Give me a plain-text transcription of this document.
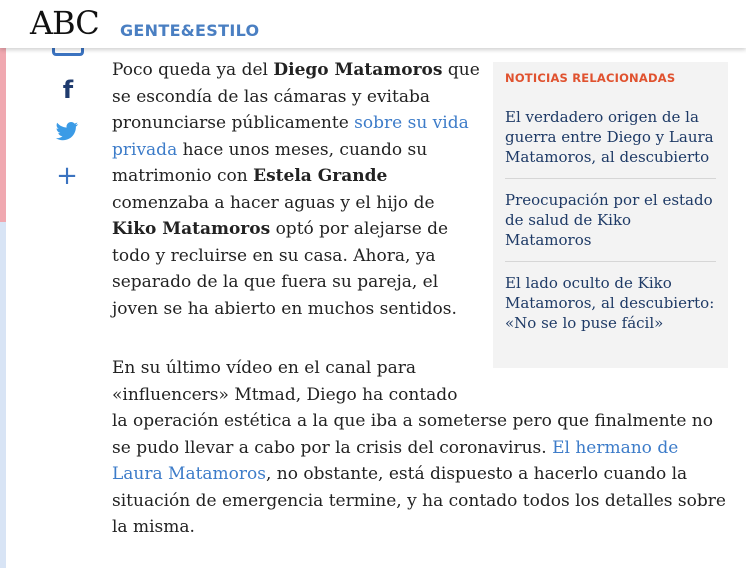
ABC GENTE&ESTILO
f
+
Poco queda ya del Diego Matamoros que se escondía de las cámaras y evitaba pronunciarse públicamente sobre su vida privada hace unos meses, cuando su matrimonio con Estela Grande comenzaba a hacer aguas y el hijo de Kiko Matamoros optó por alejarse de todo y recluirse en su casa. Ahora, ya separado de la que fuera su pareja, el joven se ha abierto en muchos sentidos.
En su último vídeo en el canal para
«influencers» Mtmad, Diego ha contado
la operación estética a la que iba a someterse pero que finalmente no se pudo llevar a cabo por la crisis del coronavirus. El hermano de Laura Matamoros, no obstante, está dispuesto a hacerlo cuando la situación de emergencia termine, y ha contado todos los detalles sobre la misma.
NOTICIAS RELACIONADAS
El verdadero origen de la guerra entre Diego y Laura Matamoros, al descubierto
Preocupación por el estado de salud de Kiko Matamoros
El lado oculto de Kiko Matamoros, al descubierto: «No se lo puse fácil»
